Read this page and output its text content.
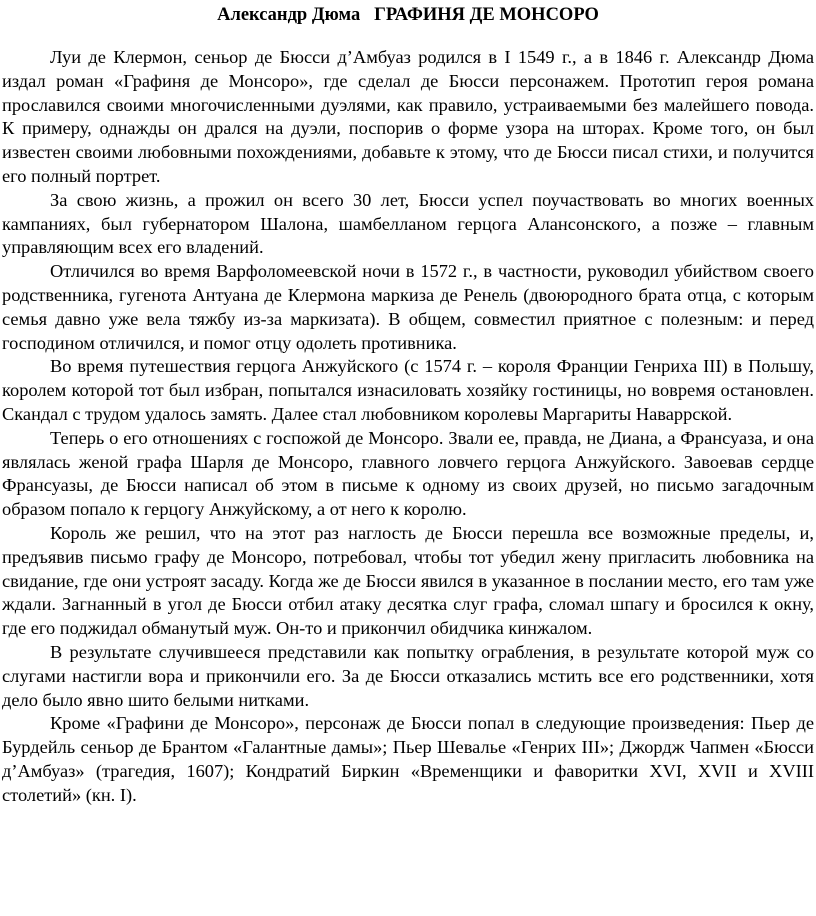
Александр Дюма ГРАФИНЯ ДЕ МОНСОРО

Луи де Клермон, сеньор де Бюсси д’Амбуаз родился в I 1549 г., а в 1846 г. Александр Дюма издал роман «Графиня де Монсоро», где сделал де Бюсси персонажем. Прототип героя романа прославился своими многочисленными дуэлями, как правило, устраиваемыми без малейшего повода. К примеру, однажды он дрался на дуэли, поспорив о форме узора на шторах. Кроме того, он был известен своими любовными похождениями, добавьте к этому, что де Бюсси писал стихи, и получится его полный портрет.

За свою жизнь, а прожил он всего 30 лет, Бюсси успел поучаствовать во многих военных кампаниях, был губернатором Шалона, шамбелланом герцога Алансонского, а позже – главным управляющим всех его владений.

Отличился во время Варфоломеевской ночи в 1572 г., в частности, руководил убийством своего родственника, гугенота Антуана де Клермона маркиза де Ренель (двоюродного брата отца, с которым семья давно уже вела тяжбу из-за маркизата). В общем, совместил приятное с полезным: и перед господином отличился, и помог отцу одолеть противника.

Во время путешествия герцога Анжуйского (с 1574 г. – короля Франции Генриха III) в Польшу, королем которой тот был избран, попытался изнасиловать хозяйку гостиницы, но вовремя остановлен. Скандал с трудом удалось замять. Далее стал любовником королевы Маргариты Наваррской.

Теперь о его отношениях с госпожой де Монсоро. Звали ее, правда, не Диана, а Франсуаза, и она являлась женой графа Шарля де Монсоро, главного ловчего герцога Анжуйского. Завоевав сердце Франсуазы, де Бюсси написал об этом в письме к одному из своих друзей, но письмо загадочным образом попало к герцогу Анжуйскому, а от него к королю.

Король же решил, что на этот раз наглость де Бюсси перешла все возможные пределы, и, предъявив письмо графу де Монсоро, потребовал, чтобы тот убедил жену пригласить любовника на свидание, где они устроят засаду. Когда же де Бюсси явился в указанное в послании место, его там уже ждали. Загнанный в угол де Бюсси отбил атаку десятка слуг графа, сломал шпагу и бросился к окну, где его поджидал обманутый муж. Он-то и прикончил обидчика кинжалом.

В результате случившееся представили как попытку ограбления, в результате которой муж со слугами настигли вора и прикончили его. За де Бюсси отказались мстить все его родственники, хотя дело было явно шито белыми нитками.

Кроме «Графини де Монсоро», персонаж де Бюсси попал в следующие произведения: Пьер де Бурдейль сеньор де Брантом «Галантные дамы»; Пьер Шевалье «Генрих III»; Джордж Чапмен «Бюсси д’Амбуаз» (трагедия, 1607); Кондратий Биркин «Временщики и фаворитки XVI, XVII и XVIII столетий» (кн. I).
